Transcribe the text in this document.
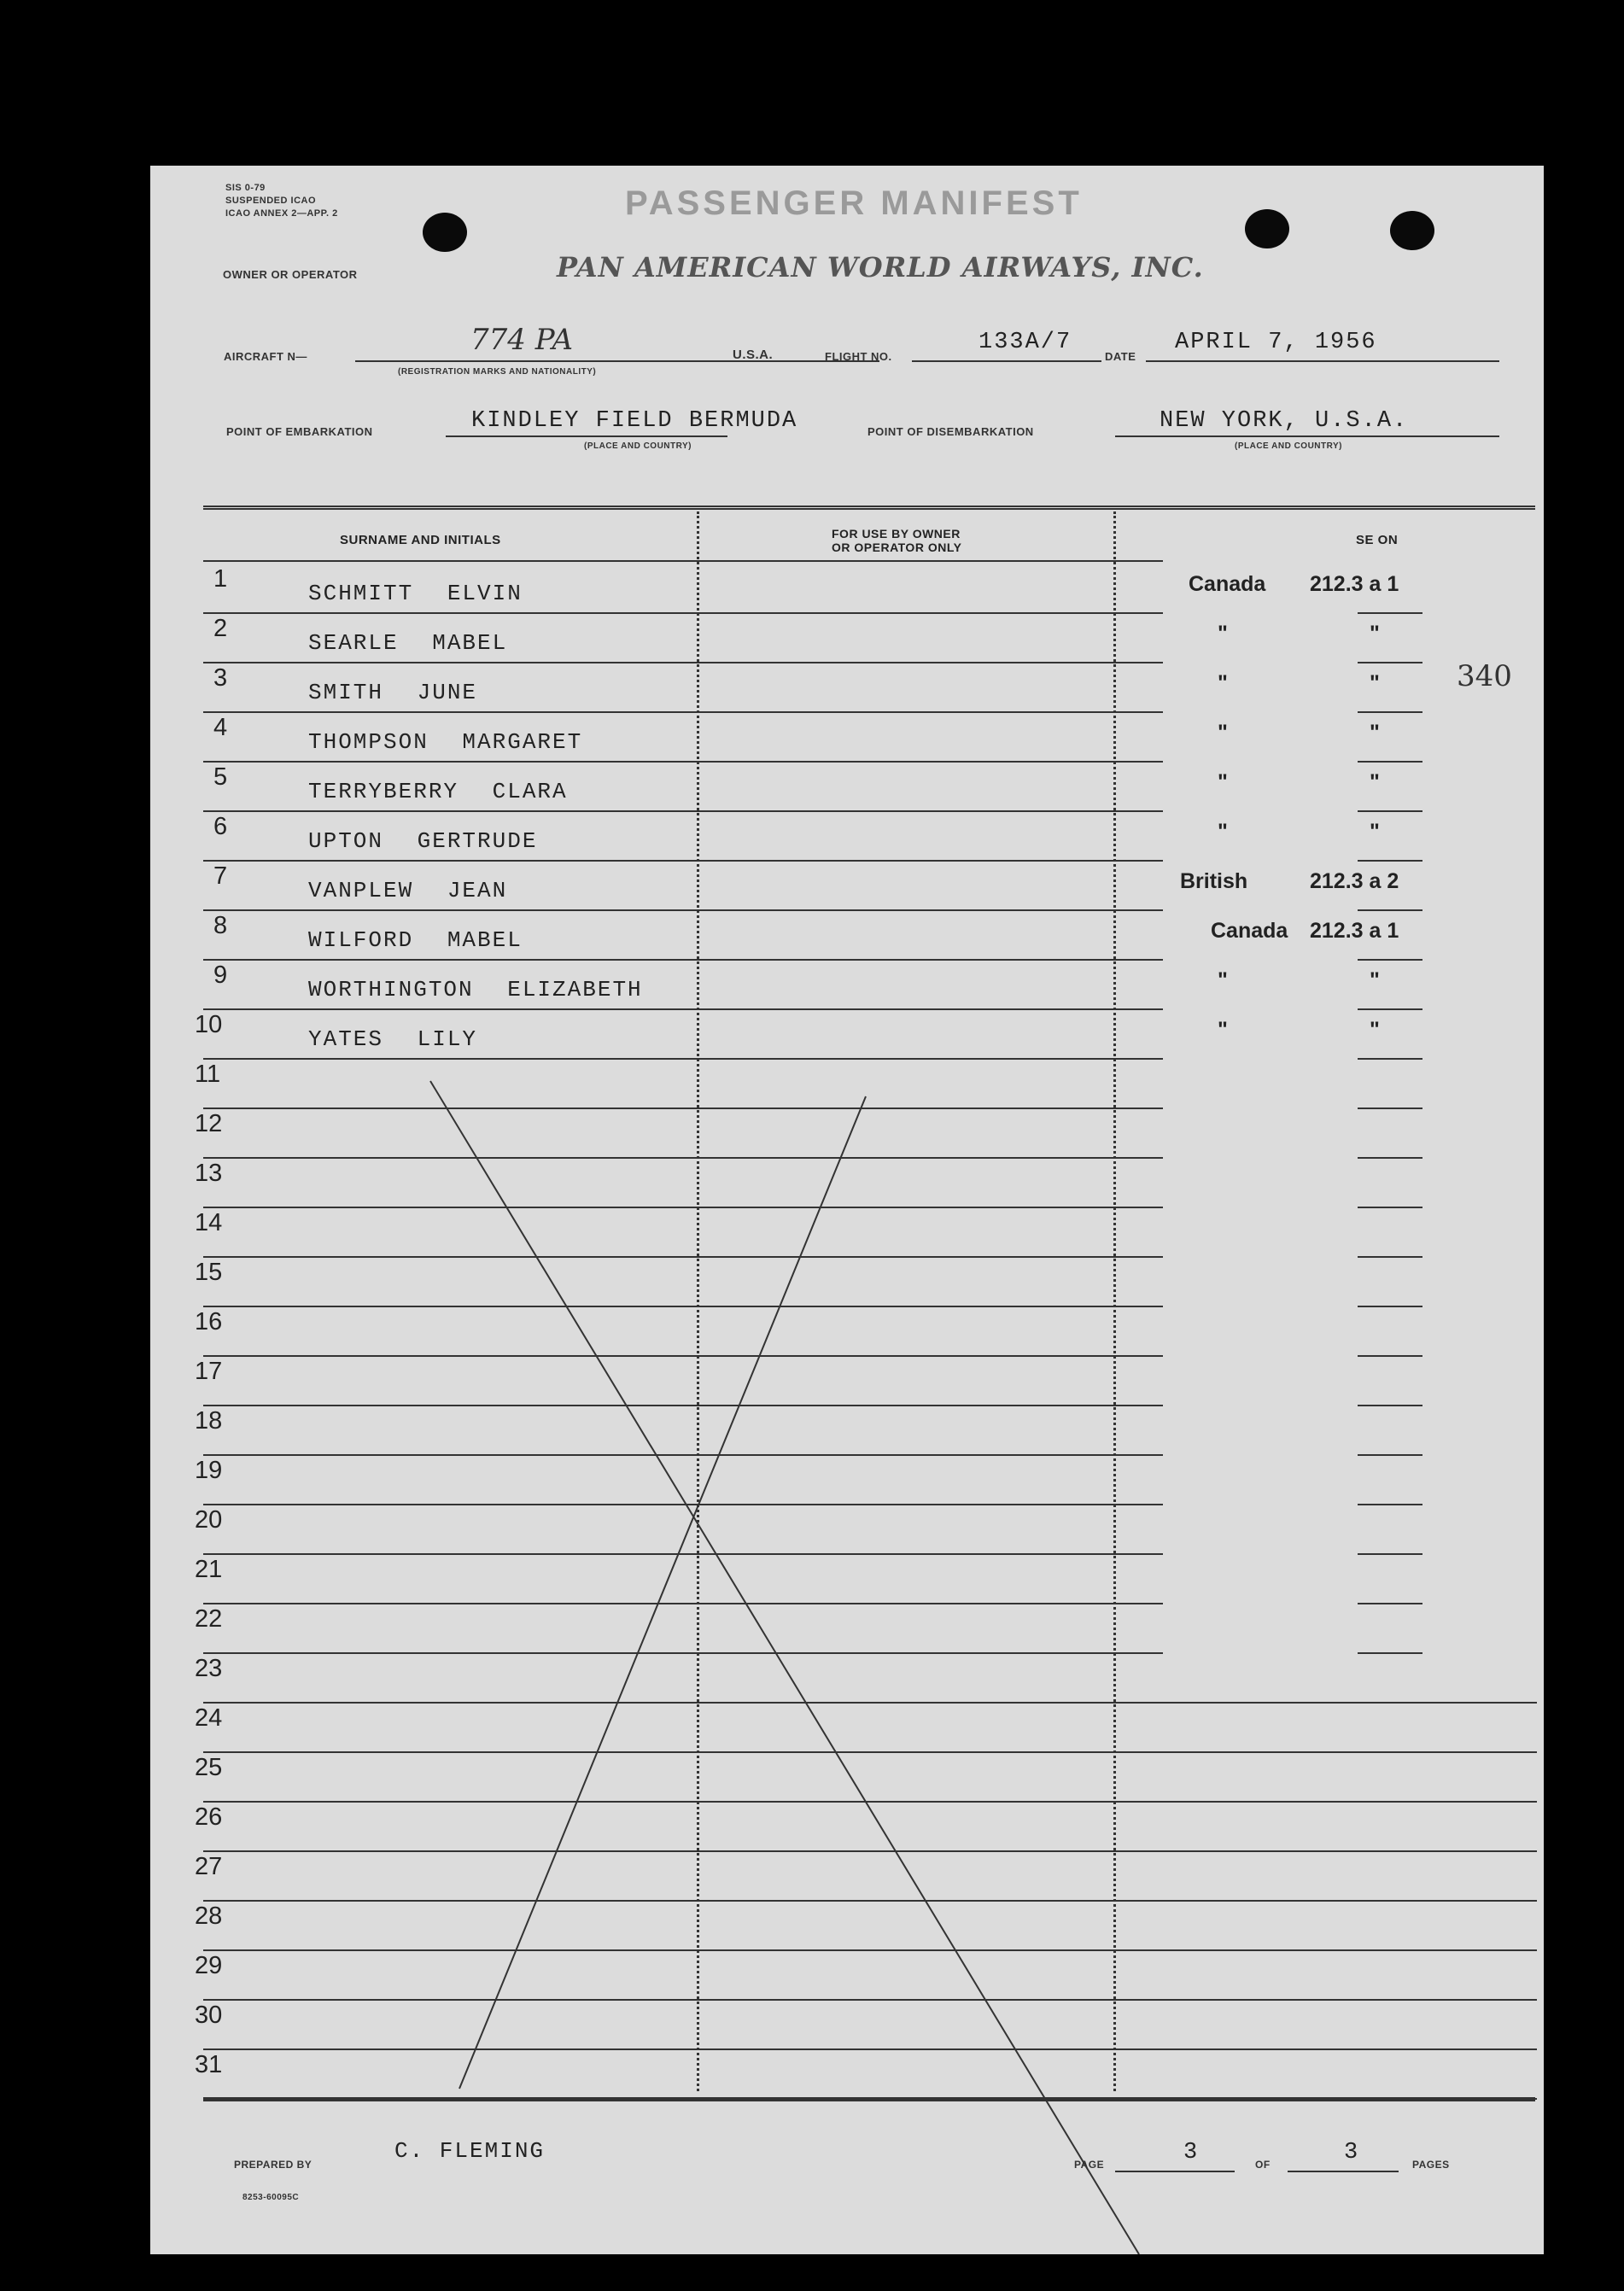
SIS 0-79
SUSPENDED ICAO
ICAO ANNEX 2—APP. 2	PASSENGER MANIFEST
OWNER OR OPERATOR	PAN AMERICAN WORLD AIRWAYS, INC.
AIRCRAFT N—	774 PA
(REGISTRATION MARKS AND NATIONALITY)
U.S.A.	FLIGHT NO.
133A/7
DATE
APRIL 7, 1956
POINT OF EMBARKATION	KINDLEY FIELD BERMUDA
(PLACE AND COUNTRY)
POINT OF DISEMBARKATION	NEW YORK, U.S.A.
(PLACE AND COUNTRY)
SURNAME AND INITIALS	FOR USE BY OWNER
OR OPERATOR ONLY	SE ON
340
1
SCHMITT ELVIN	Canada 212.3 a 1
2
SEARLE MABEL	"	"
3
SMITH JUNE	"	"
4
THOMPSON MARGARET	"	"
5
TERRYBERRY CLARA	"	"
6
UPTON GERTRUDE	"	"
7
VANPLEW JEAN	British	212.3 a 2
8
WILFORD MABEL	Canada 212.3 a 1
9
WORTHINGTON ELIZABETH	"	"
10
YATES LILY	"	"
11
12
13
14
15
16
17
18
19
20
21
22
23
24
25
26
27
28
29
30
31
PREPARED BY
C. FLEMING
PAGE	3	OF	3	PAGES
8253-60095C
